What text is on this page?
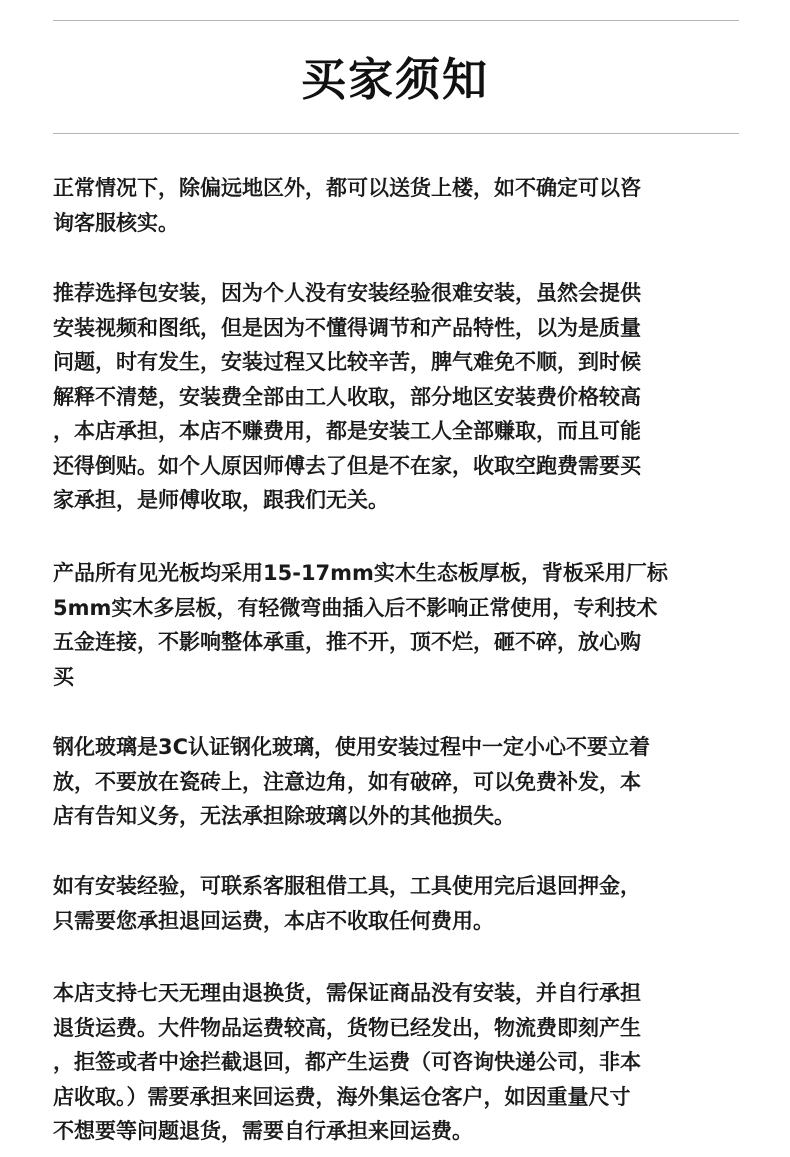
买家须知

正常情况下，除偏远地区外，都可以送货上楼，如不确定可以咨
询客服核实。

推荐选择包安装，因为个人没有安装经验很难安装，虽然会提供
安装视频和图纸，但是因为不懂得调节和产品特性，以为是质量
问题，时有发生，安装过程又比较辛苦，脾气难免不顺，到时候
解释不清楚，安装费全部由工人收取，部分地区安装费价格较高
，本店承担，本店不赚费用，都是安装工人全部赚取，而且可能
还得倒贴。如个人原因师傅去了但是不在家，收取空跑费需要买
家承担，是师傅收取，跟我们无关。

产品所有见光板均采用15-17mm实木生态板厚板，背板采用厂标
5mm实木多层板，有轻微弯曲插入后不影响正常使用，专利技术
五金连接，不影响整体承重，推不开，顶不烂，砸不碎，放心购
买

钢化玻璃是3C认证钢化玻璃，使用安装过程中一定小心不要立着
放，不要放在瓷砖上，注意边角，如有破碎，可以免费补发，本
店有告知义务，无法承担除玻璃以外的其他损失。

如有安装经验，可联系客服租借工具，工具使用完后退回押金，
只需要您承担退回运费，本店不收取任何费用。

本店支持七天无理由退换货，需保证商品没有安装，并自行承担
退货运费。大件物品运费较高，货物已经发出，物流费即刻产生
，拒签或者中途拦截退回，都产生运费（可咨询快递公司，非本
店收取。）需要承担来回运费，海外集运仓客户，如因重量尺寸
不想要等问题退货，需要自行承担来回运费。
